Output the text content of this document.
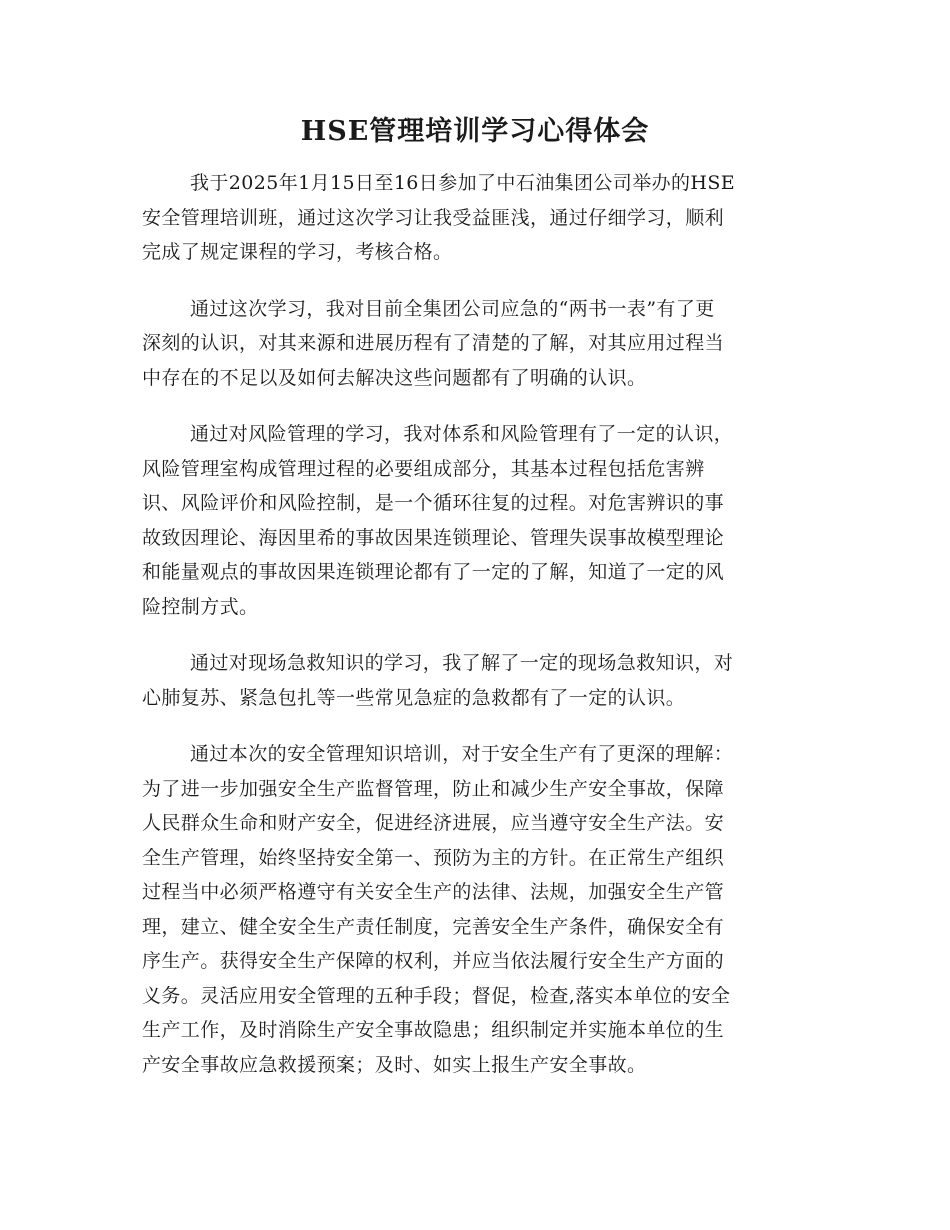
HSE管理培训学习心得体会

我于2025年1月15日至16日参加了中石油集团公司举办的HSE
安全管理培训班，通过这次学习让我受益匪浅，通过仔细学习，顺利
完成了规定课程的学习，考核合格。

通过这次学习，我对目前全集团公司应急的“两书一表”有了更
深刻的认识，对其来源和进展历程有了清楚的了解，对其应用过程当
中存在的不足以及如何去解决这些问题都有了明确的认识。

通过对风险管理的学习，我对体系和风险管理有了一定的认识，
风险管理室构成管理过程的必要组成部分，其基本过程包括危害辨
识、风险评价和风险控制，是一个循环往复的过程。对危害辨识的事
故致因理论、海因里希的事故因果连锁理论、管理失误事故模型理论
和能量观点的事故因果连锁理论都有了一定的了解，知道了一定的风
险控制方式。

通过对现场急救知识的学习，我了解了一定的现场急救知识，对
心肺复苏、紧急包扎等一些常见急症的急救都有了一定的认识。

通过本次的安全管理知识培训，对于安全生产有了更深的理解：
为了进一步加强安全生产监督管理，防止和减少生产安全事故，保障
人民群众生命和财产安全，促进经济进展，应当遵守安全生产法。安
全生产管理，始终坚持安全第一、预防为主的方针。在正常生产组织
过程当中必须严格遵守有关安全生产的法律、法规，加强安全生产管
理，建立、健全安全生产责任制度，完善安全生产条件，确保安全有
序生产。获得安全生产保障的权利，并应当依法履行安全生产方面的
义务。灵活应用安全管理的五种手段；督促，检查,落实本单位的安全
生产工作，及时消除生产安全事故隐患；组织制定并实施本单位的生
产安全事故应急救援预案；及时、如实上报生产安全事故。
